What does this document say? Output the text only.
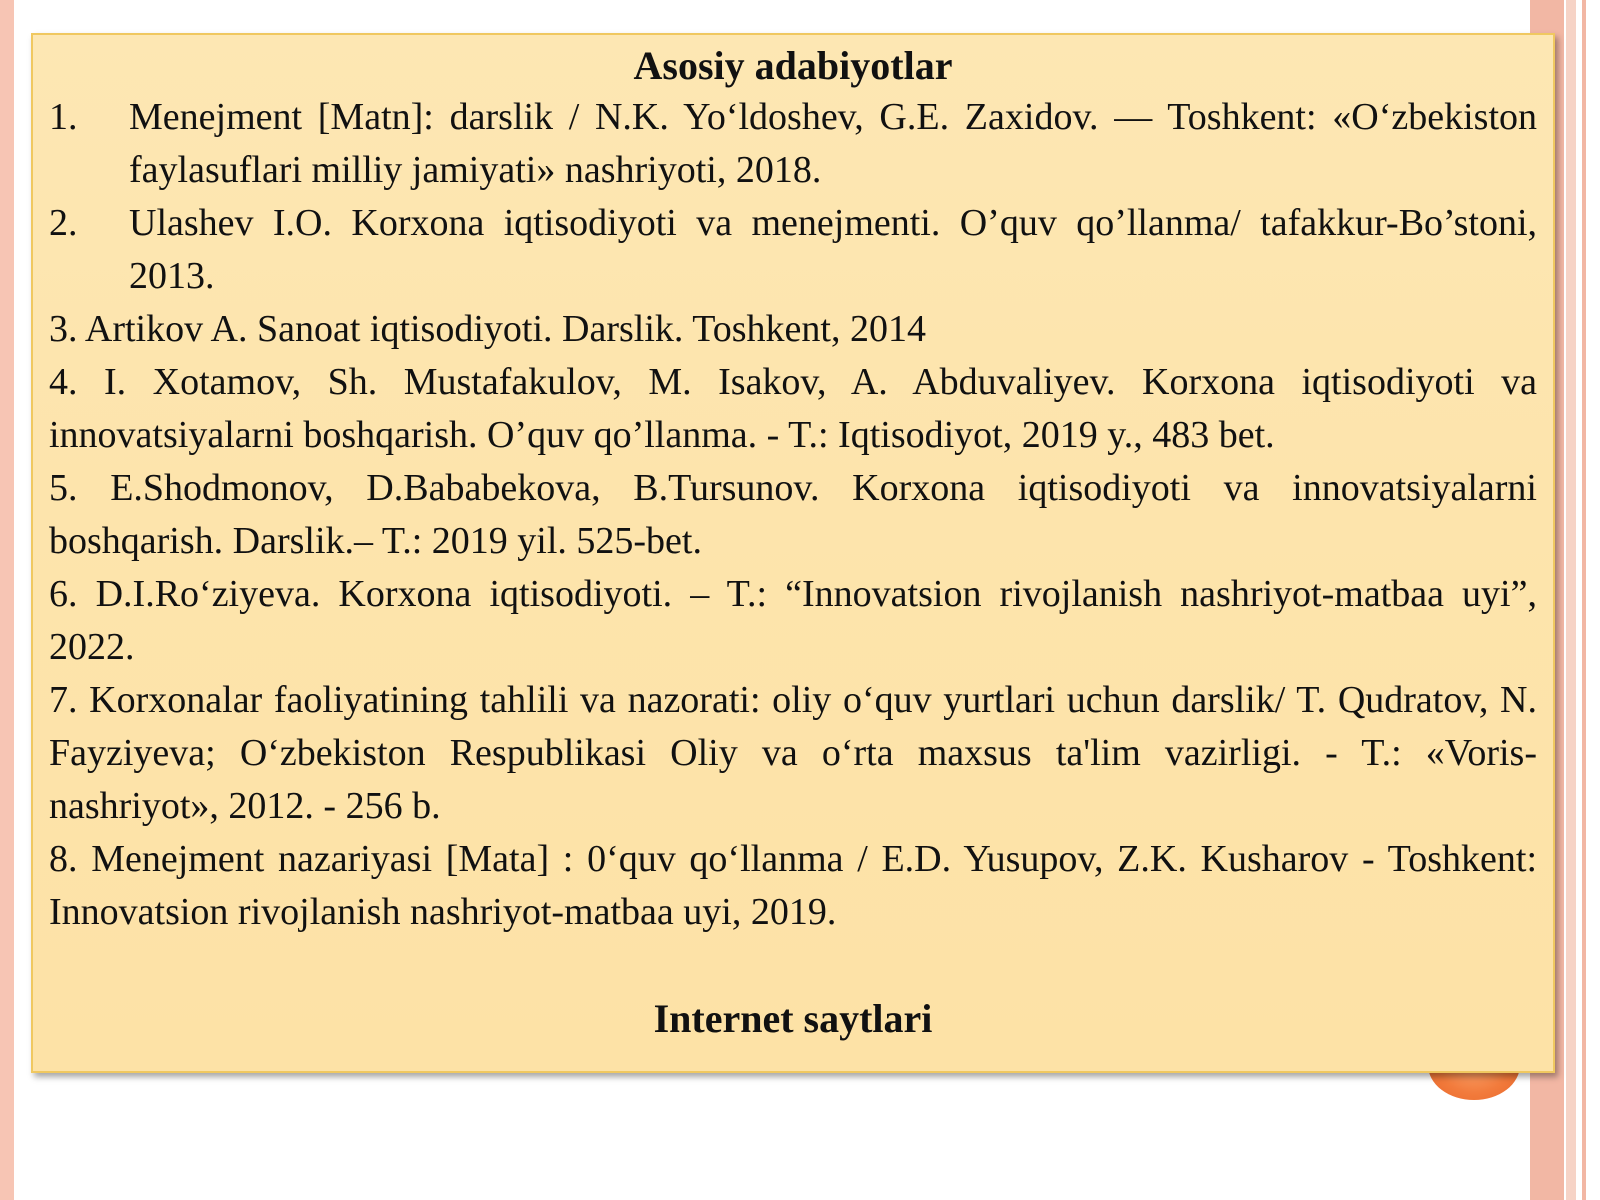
Asosiy adabiyotlar

1.	Menejment [Matn]: darslik / N.K. Yo‘ldoshev, G.E. Zaxidov. — Toshkent: «O‘zbekiston faylasuflari milliy jamiyati» nashriyoti, 2018.
2.	Ulashev I.O. Korxona iqtisodiyoti va menejmenti. O’quv qo’llanma/ tafakkur-Bo’stoni, 2013.

3. Artikov A. Sanoat iqtisodiyoti. Darslik. Toshkent, 2014

4. I. Xotamov, Sh. Mustafakulov, M. Isakov, A. Abduvaliyev. Korxona iqtisodiyoti va innovatsiyalarni boshqarish. O’quv qo’llanma. - T.: Iqtisodiyot, 2019 y., 483 bet.

5. E.Shodmonov, D.Bababekova, B.Tursunov. Korxona iqtisodiyoti va innovatsiyalarni boshqarish. Darslik.– T.: 2019 yil. 525-bet.

6. D.I.Ro‘ziyeva. Korxona iqtisodiyoti. – T.: “Innovatsion rivojlanish nashriyot-matbaa uyi”, 2022.

7. Korxonalar faoliyatining tahlili va nazorati: oliy o‘quv yurtlari uchun darslik/ T. Qudratov, N. Fayziyeva; O‘zbekiston Respublikasi Oliy va o‘rta maxsus ta'lim vazirligi. - T.: «Voris-nashriyot», 2012. - 256 b.

8. Menejment nazariyasi [Mata] : 0‘quv qo‘llanma / E.D. Yusupov, Z.K. Kusharov - Toshkent: Innovatsion rivojlanish nashriyot-matbaa uyi, 2019.

Internet saytlari
